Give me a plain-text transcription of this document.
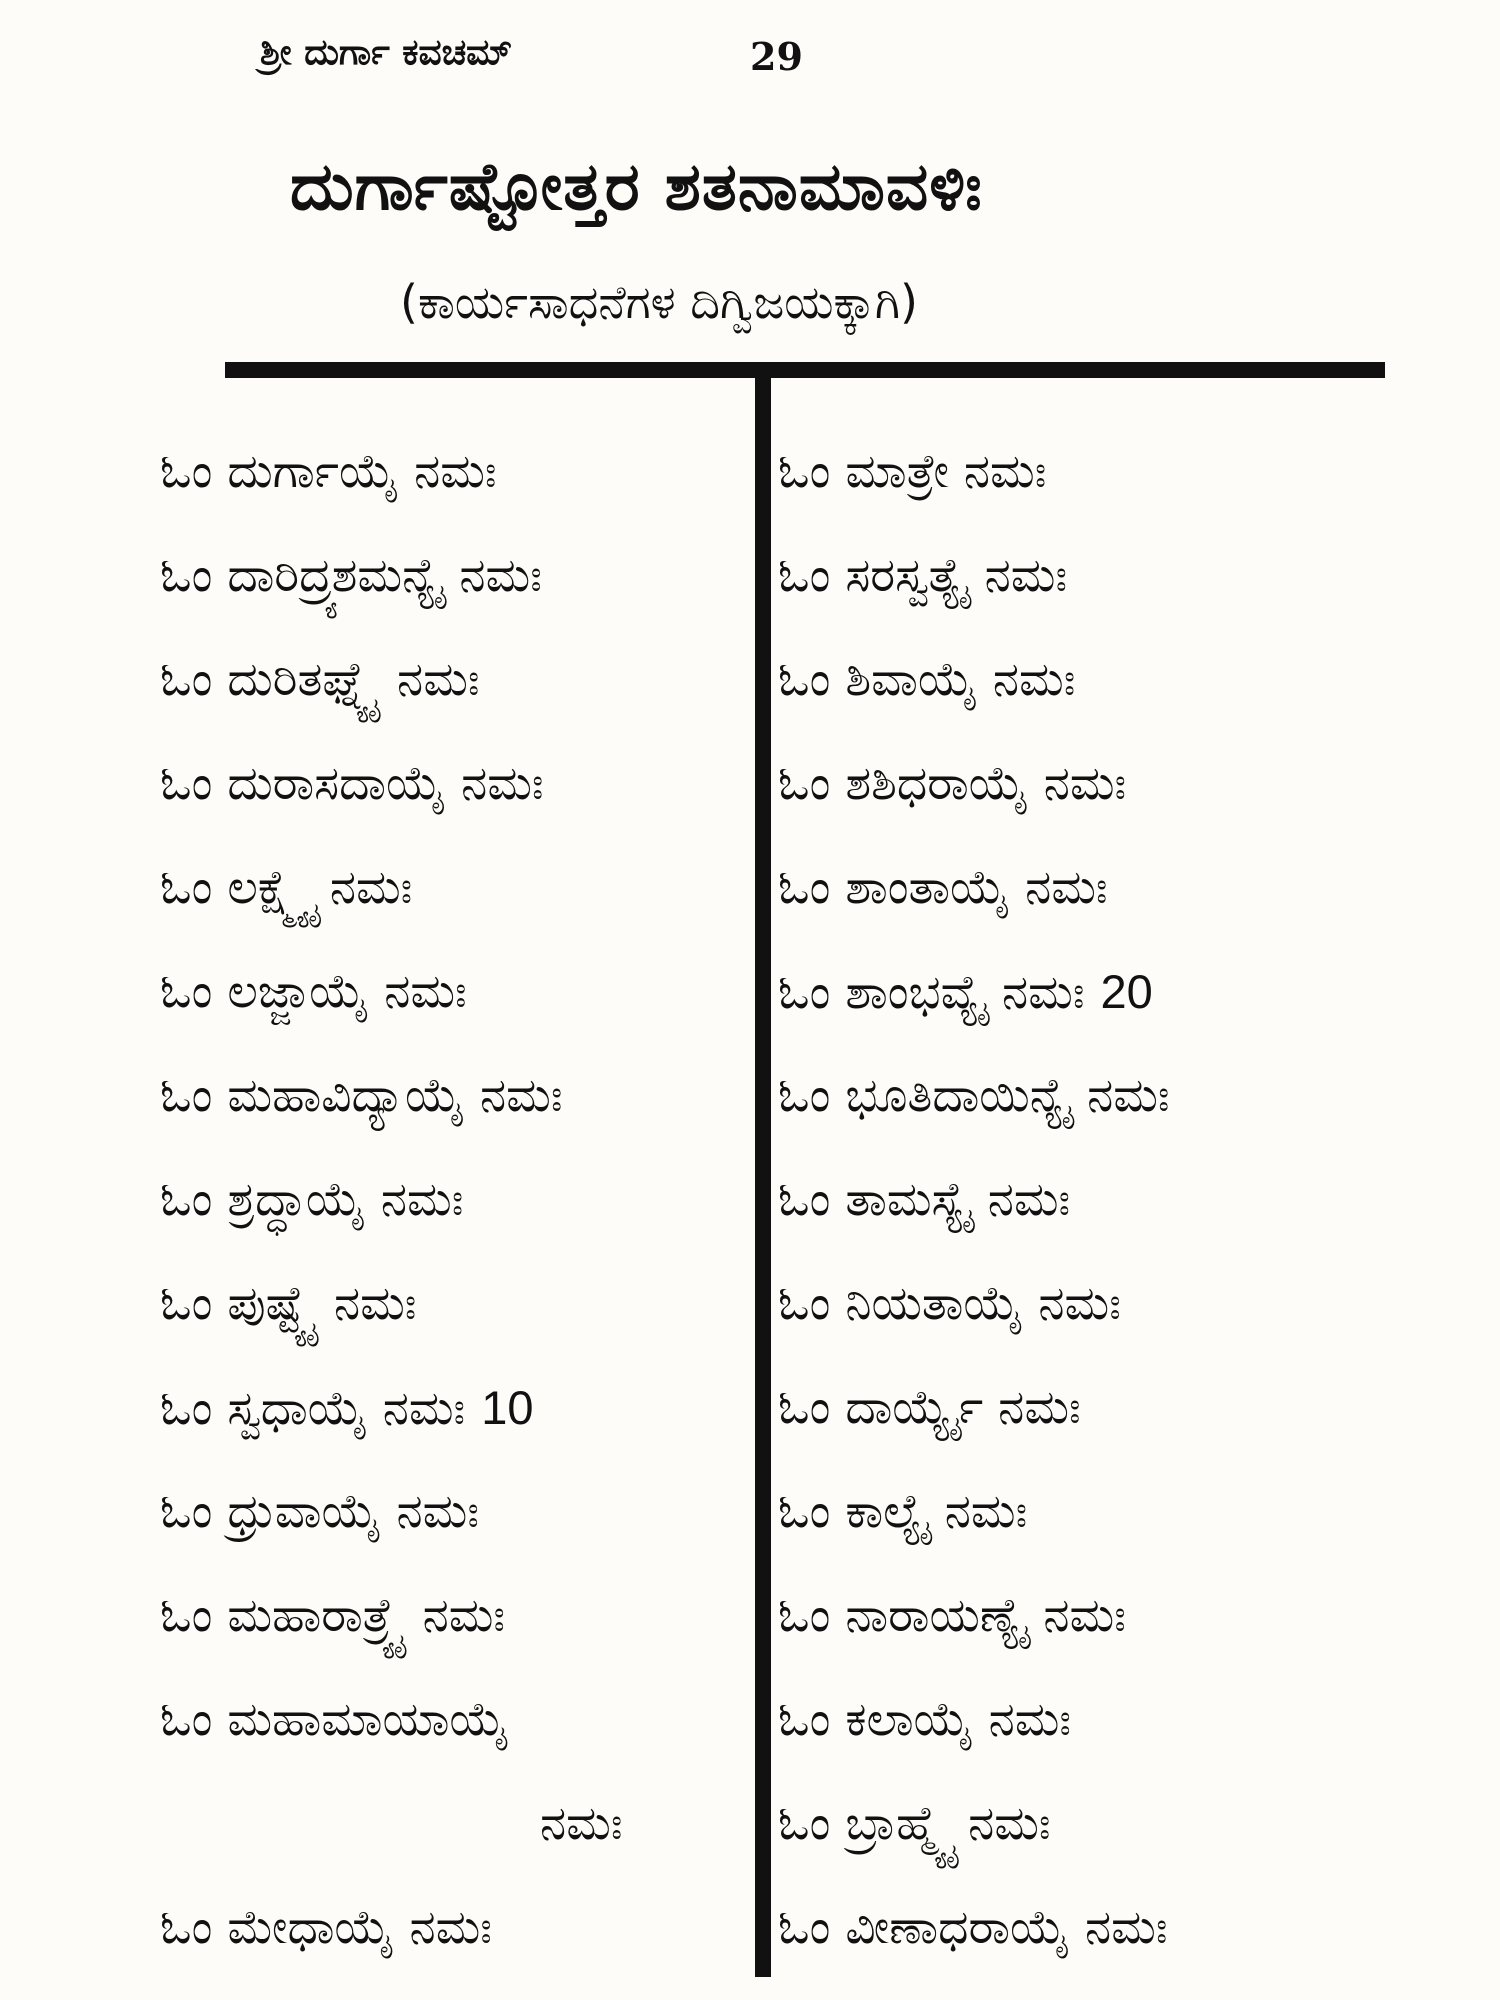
ಶ್ರೀ ದುರ್ಗಾ ಕವಚಮ್	29
ದುರ್ಗಾಷ್ಟೋತ್ತರ ಶತನಾಮಾವಳಿಃ
(ಕಾರ್ಯಸಾಧನೆಗಳ ದಿಗ್ವಿಜಯಕ್ಕಾಗಿ)
ಓಂ ದುರ್ಗಾಯೈ ನಮಃ
ಓಂ ದಾರಿದ್ರ್ಯಶಮನ್ಯೈ ನಮಃ
ಓಂ ದುರಿತಘ್ನ್ಯೈ ನಮಃ
ಓಂ ದುರಾಸದಾಯೈ ನಮಃ
ಓಂ ಲಕ್ಷ್ಮ್ಯೈ ನಮಃ
ಓಂ ಲಜ್ಜಾಯೈ ನಮಃ
ಓಂ ಮಹಾವಿದ್ಯಾಯೈ ನಮಃ
ಓಂ ಶ್ರದ್ಧಾಯೈ ನಮಃ
ಓಂ ಪುಷ್ಟ್ಯೈ ನಮಃ
ಓಂ ಸ್ವಧಾಯೈ ನಮಃ 10
ಓಂ ಧ್ರುವಾಯೈ ನಮಃ
ಓಂ ಮಹಾರಾತ್ರ್ಯೈ ನಮಃ
ಓಂ ಮಹಾಮಾಯಾಯೈ
ನಮಃ
ಓಂ ಮೇಧಾಯೈ ನಮಃ
ಓಂ ಮಾತ್ರೇ ನಮಃ
ಓಂ ಸರಸ್ವತ್ಯೈ ನಮಃ
ಓಂ ಶಿವಾಯೈ ನಮಃ
ಓಂ ಶಶಿಧರಾಯೈ ನಮಃ
ಓಂ ಶಾಂತಾಯೈ ನಮಃ
ಓಂ ಶಾಂಭವ್ಯೈ ನಮಃ 20
ಓಂ ಭೂತಿದಾಯಿನ್ಯೈ ನಮಃ
ಓಂ ತಾಮಸ್ಯೈ ನಮಃ
ಓಂ ನಿಯತಾಯೈ ನಮಃ
ಓಂ ದಾರ್ಯ್ಯೈ ನಮಃ
ಓಂ ಕಾಲ್ಯೈ ನಮಃ
ಓಂ ನಾರಾಯಣ್ಯೈ ನಮಃ
ಓಂ ಕಲಾಯೈ ನಮಃ
ಓಂ ಬ್ರಾಹ್ಮ್ಯೈ ನಮಃ
ಓಂ ವೀಣಾಧರಾಯೈ ನಮಃ
